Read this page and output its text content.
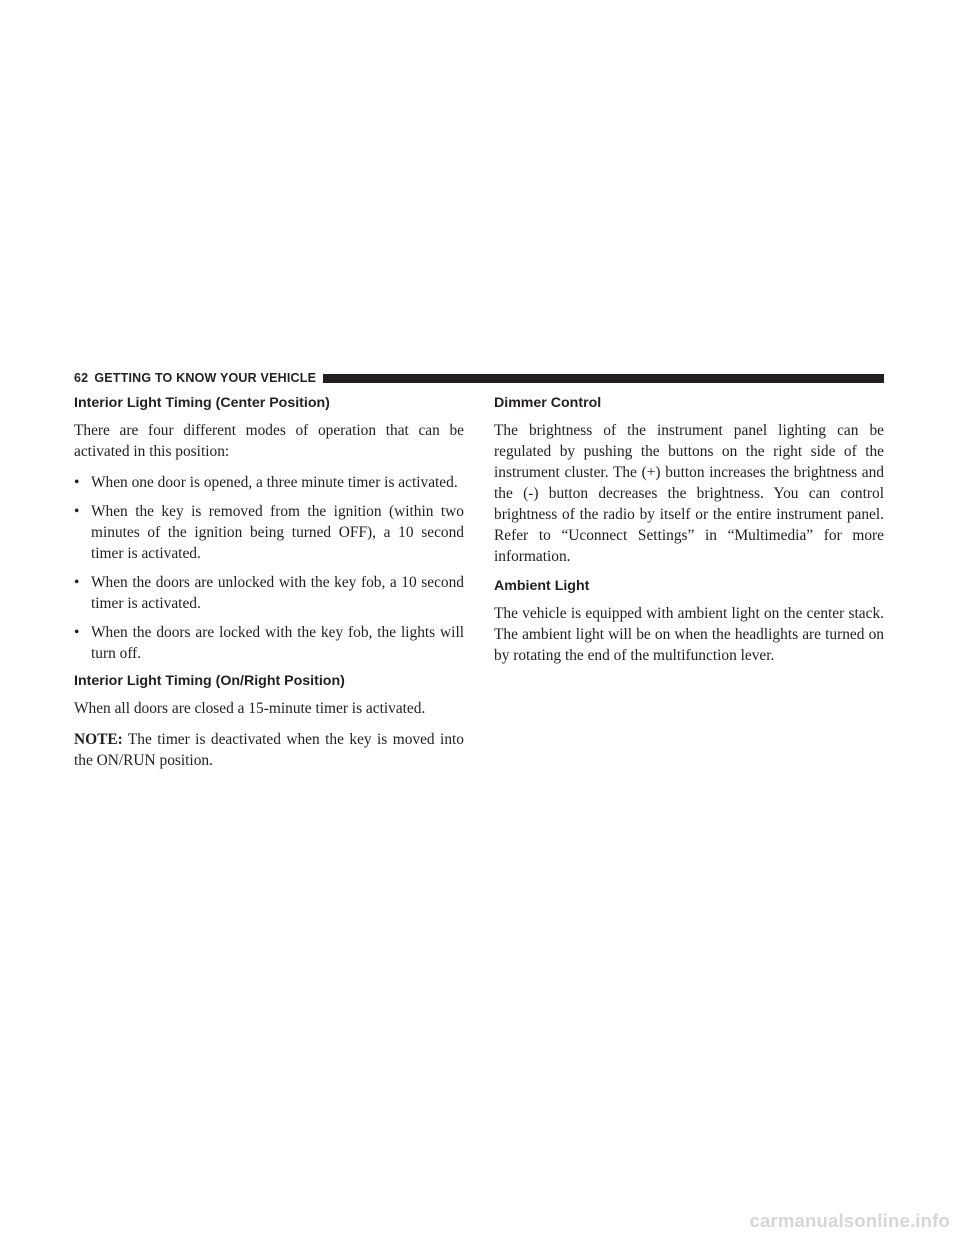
62 GETTING TO KNOW YOUR VEHICLE
Interior Light Timing (Center Position)

There are four different modes of operation that can be activated in this position:

• When one door is opened, a three minute timer is activated.
• When the key is removed from the ignition (within two minutes of the ignition being turned OFF), a 10 second timer is activated.
• When the doors are unlocked with the key fob, a 10 second timer is activated.
• When the doors are locked with the key fob, the lights will turn off.
Interior Light Timing (On/Right Position)

When all doors are closed a 15-minute timer is activated.

NOTE: The timer is deactivated when the key is moved into the ON/RUN position.

Dimmer Control

The brightness of the instrument panel lighting can be regulated by pushing the buttons on the right side of the instrument cluster. The (+) button increases the brightness and the (-) button decreases the brightness. You can control brightness of the radio by itself or the entire instrument panel. Refer to “Uconnect Settings” in “Multimedia” for more information.

Ambient Light

The vehicle is equipped with ambient light on the center stack. The ambient light will be on when the headlights are turned on by rotating the end of the multifunction lever.

carmanualsonline.info
